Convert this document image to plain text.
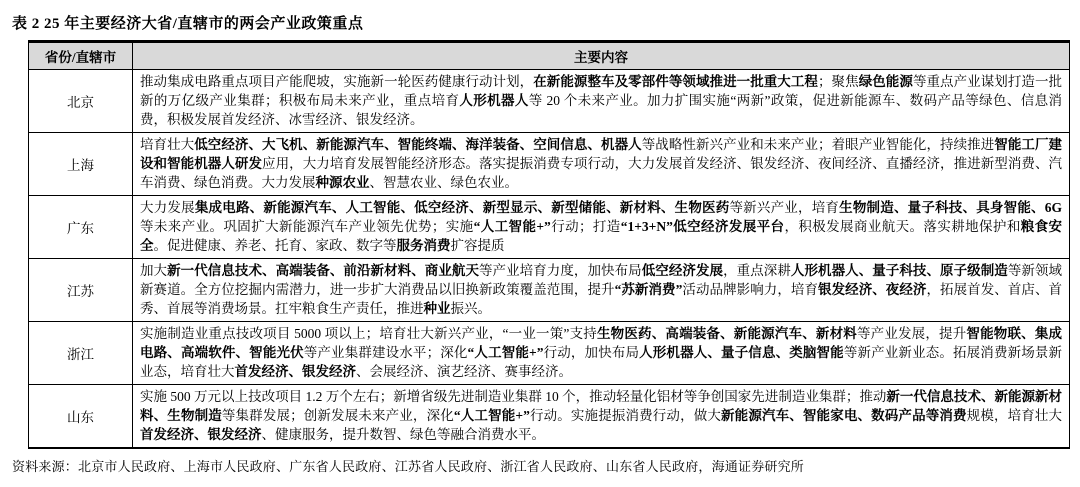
表 2 25 年主要经济大省/直辖市的两会产业政策重点
省份/直辖市	主要内容
北京	推动集成电路重点项目产能爬坡，实施新一轮医药健康行动计划，在新能源整车及零部件等领域推进一批重大工程；聚焦绿色能源等重点产业谋划打造一批新的万亿级产业集群；积极布局未来产业，重点培育人形机器人等 20 个未来产业。加力扩围实施“两新”政策，促进新能源车、数码产品等绿色、信息消费，积极发展首发经济、冰雪经济、银发经济。
上海	培育壮大低空经济、大飞机、新能源汽车、智能终端、海洋装备、空间信息、机器人等战略性新兴产业和未来产业；着眼产业智能化，持续推进智能工厂建设和智能机器人研发应用，大力培育发展智能经济形态。落实提振消费专项行动，大力发展首发经济、银发经济、夜间经济、直播经济，推进新型消费、汽车消费、绿色消费。大力发展种源农业、智慧农业、绿色农业。
广东	大力发展集成电路、新能源汽车、人工智能、低空经济、新型显示、新型储能、新材料、生物医药等新兴产业，培育生物制造、量子科技、具身智能、6G 等未来产业。巩固扩大新能源汽车产业领先优势；实施“人工智能+”行动；打造“1+3+N”低空经济发展平台，积极发展商业航天。落实耕地保护和粮食安全。促进健康、养老、托育、家政、数字等服务消费扩容提质
江苏	加大新一代信息技术、高端装备、前沿新材料、商业航天等产业培育力度，加快布局低空经济发展，重点深耕人形机器人、量子科技、原子级制造等新领域新赛道。全方位挖掘内需潜力，进一步扩大消费品以旧换新政策覆盖范围，提升“苏新消费”活动品牌影响力，培育银发经济、夜经济，拓展首发、首店、首秀、首展等消费场景。扛牢粮食生产责任，推进种业振兴。
浙江	实施制造业重点技改项目 5000 项以上；培育壮大新兴产业，“一业一策”支持生物医药、高端装备、新能源汽车、新材料等产业发展，提升智能物联、集成电路、高端软件、智能光伏等产业集群建设水平；深化“人工智能+”行动，加快布局人形机器人、量子信息、类脑智能等新产业新业态。拓展消费新场景新业态，培育壮大首发经济、银发经济、会展经济、演艺经济、赛事经济。
山东	实施 500 万元以上技改项目 1.2 万个左右；新增省级先进制造业集群 10 个，推动轻量化铝材等争创国家先进制造业集群；推动新一代信息技术、新能源新材料、生物制造等集群发展；创新发展未来产业，深化“人工智能+”行动。实施提振消费行动，做大新能源汽车、智能家电、数码产品等消费规模，培育壮大首发经济、银发经济、健康服务，提升数智、绿色等融合消费水平。
资料来源：北京市人民政府、上海市人民政府、广东省人民政府、江苏省人民政府、浙江省人民政府、山东省人民政府，海通证券研究所
